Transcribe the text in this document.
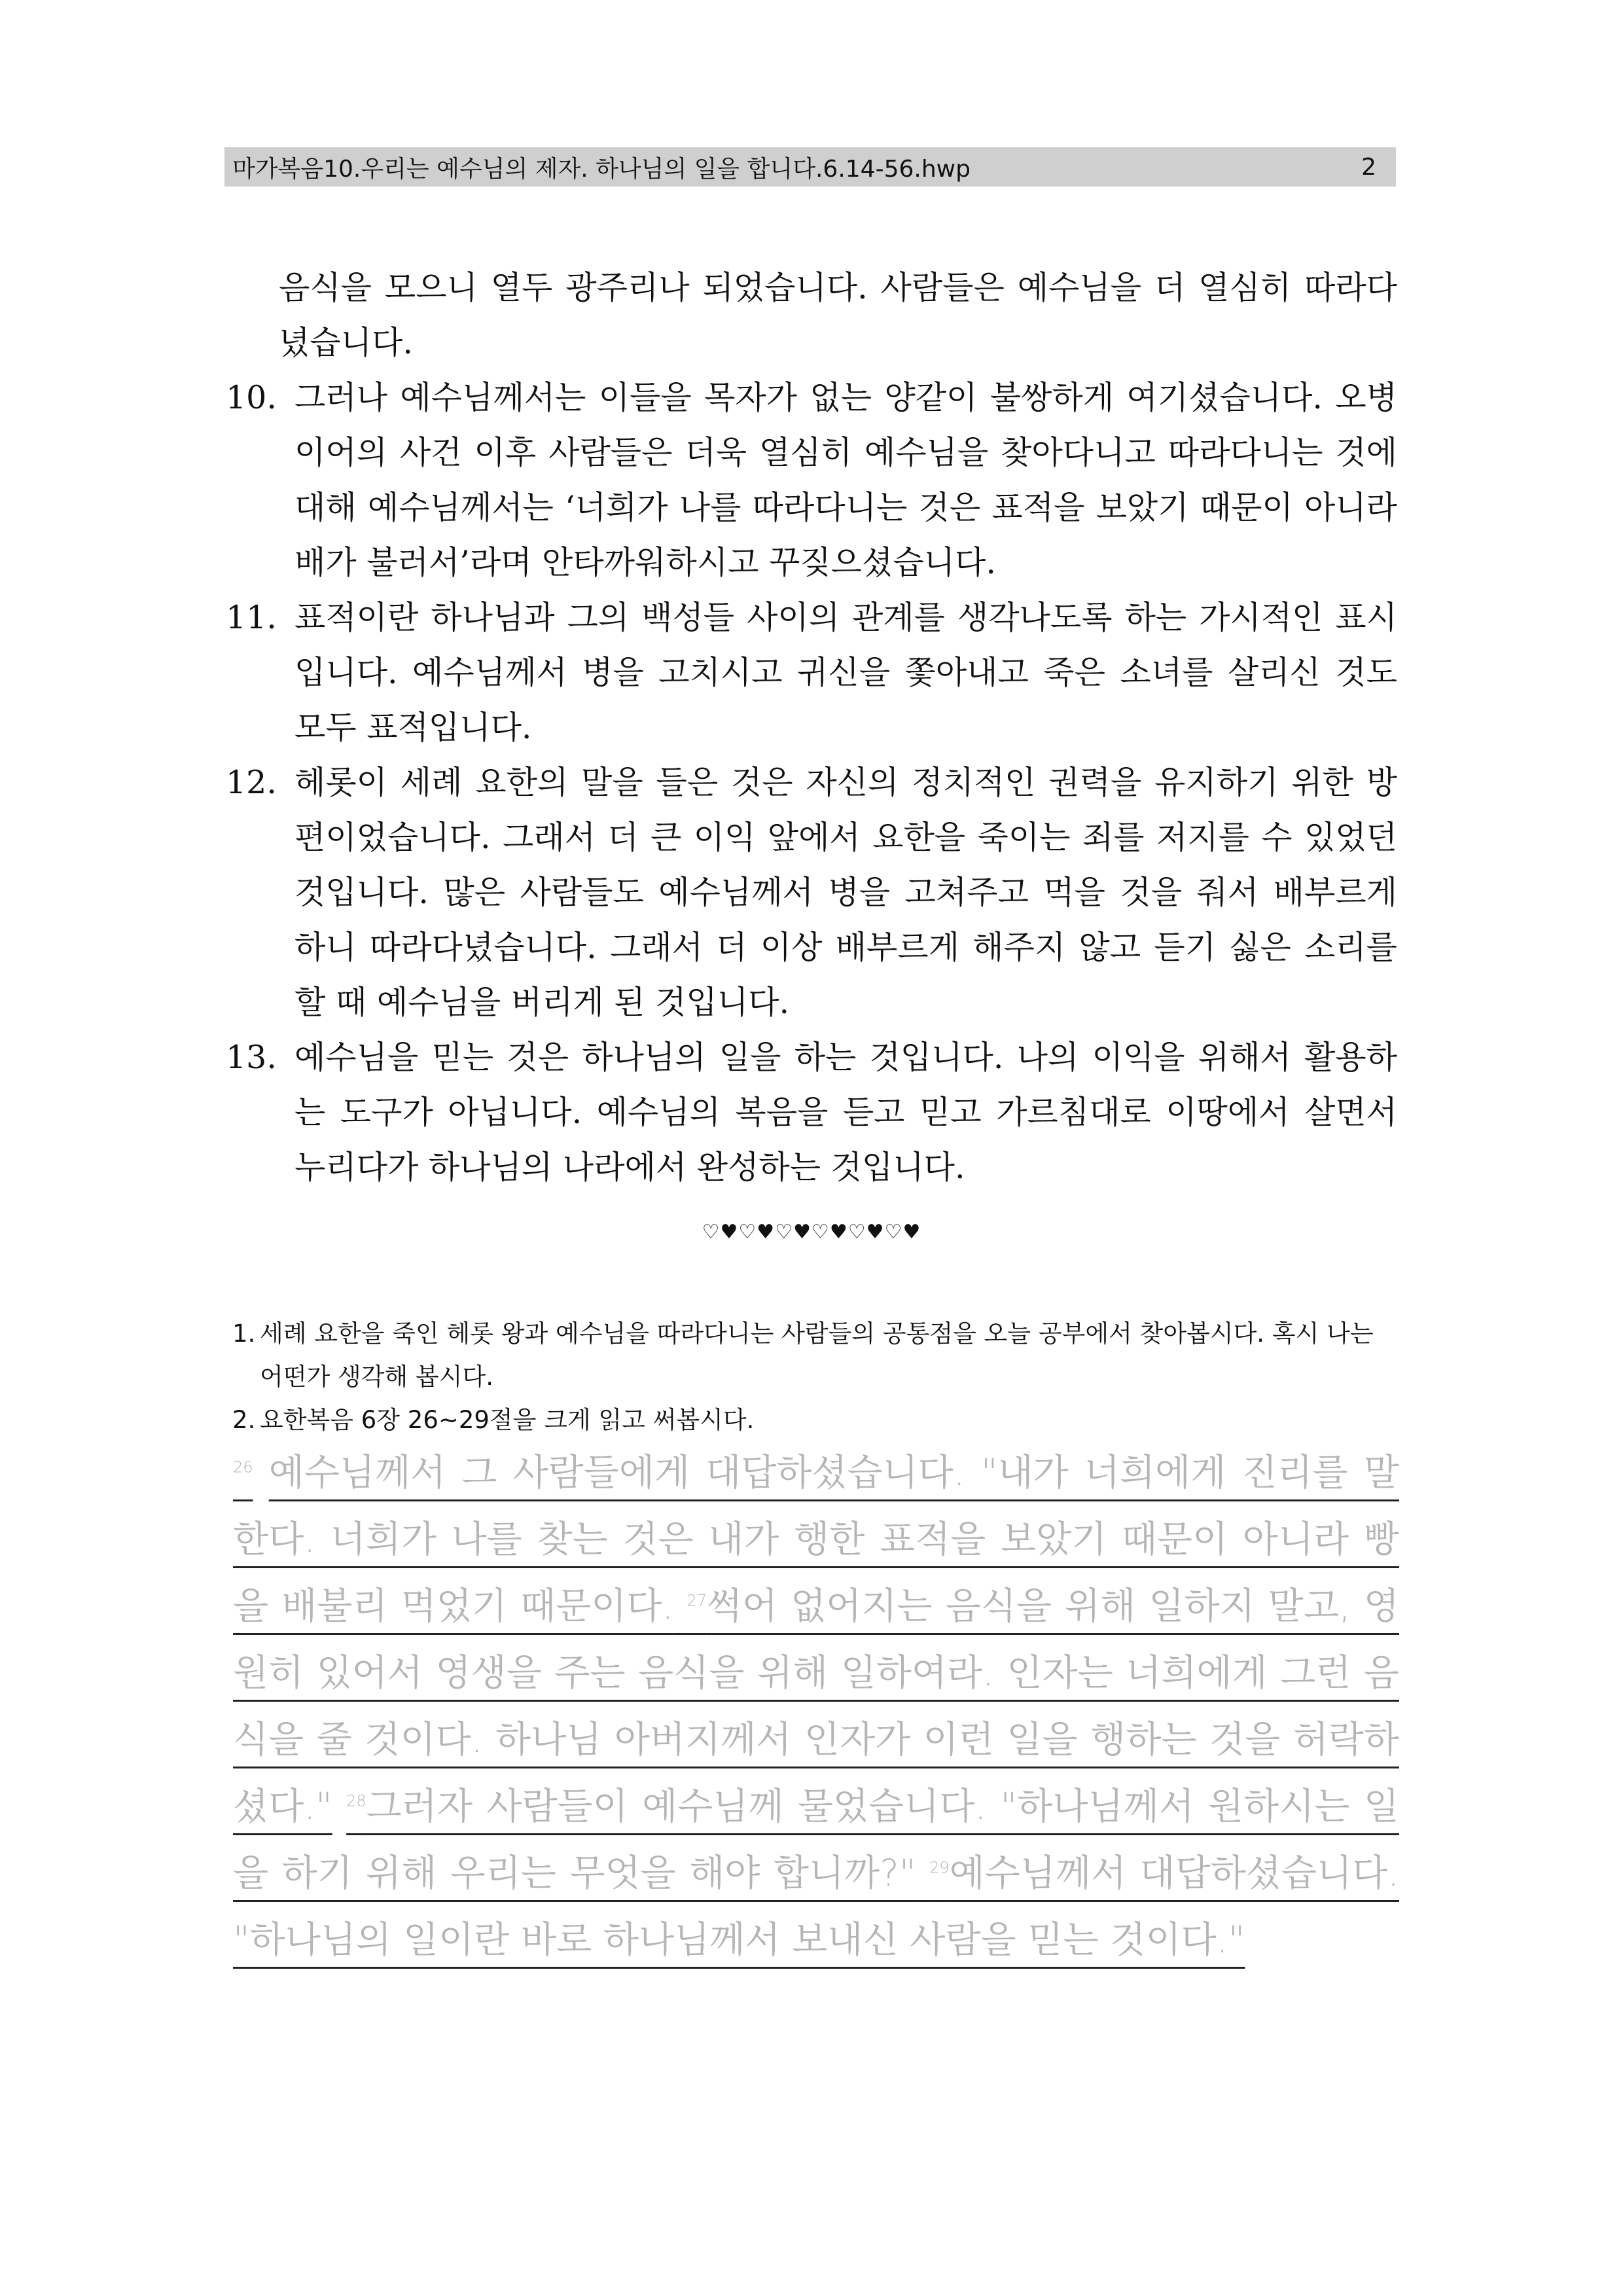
마가복음10.우리는 예수님의 제자. 하나님의 일을 합니다.6.14-56.hwp	2
음식을 모으니 열두 광주리나 되었습니다. 사람들은 예수님을 더 열심히 따라다녔습니다.
10. 그러나 예수님께서는 이들을 목자가 없는 양같이 불쌍하게 여기셨습니다. 오병이어의 사건 이후 사람들은 더욱 열심히 예수님을 찾아다니고 따라다니는 것에 대해 예수님께서는 ‘너희가 나를 따라다니는 것은 표적을 보았기 때문이 아니라 배가 불러서’라며 안타까워하시고 꾸짖으셨습니다.
11. 표적이란 하나님과 그의 백성들 사이의 관계를 생각나도록 하는 가시적인 표시입니다. 예수님께서 병을 고치시고 귀신을 쫓아내고 죽은 소녀를 살리신 것도 모두 표적입니다.
12. 헤롯이 세례 요한의 말을 들은 것은 자신의 정치적인 권력을 유지하기 위한 방편이었습니다. 그래서 더 큰 이익 앞에서 요한을 죽이는 죄를 저지를 수 있었던 것입니다. 많은 사람들도 예수님께서 병을 고쳐주고 먹을 것을 줘서 배부르게 하니 따라다녔습니다. 그래서 더 이상 배부르게 해주지 않고 듣기 싫은 소리를 할 때 예수님을 버리게 된 것입니다.
13. 예수님을 믿는 것은 하나님의 일을 하는 것입니다. 나의 이익을 위해서 활용하는 도구가 아닙니다. 예수님의 복음을 듣고 믿고 가르침대로 이땅에서 살면서 누리다가 하나님의 나라에서 완성하는 것입니다.
♡♥♡♥♡♥♡♥♡♥♡♥
1. 세례 요한을 죽인 헤롯 왕과 예수님을 따라다니는 사람들의 공통점을 오늘 공부에서 찾아봅시다. 혹시 나는 어떤가 생각해 봅시다.
2. 요한복음 6장 26~29절을 크게 읽고 써봅시다.
$^{26}$ 예수님께서 그 사람들에게 대답하셨습니다. "내가 너희에게 진리를 말한다. 너희가 나를 찾는 것은 내가 행한 표적을 보았기 때문이 아니라 빵을 배불리 먹었기 때문이다. $^{27}$썩어 없어지는 음식을 위해 일하지 말고, 영원히 있어서 영생을 주는 음식을 위해 일하여라. 인자는 너희에게 그런 음식을 줄 것이다. 하나님 아버지께서 인자가 이런 일을 행하는 것을 허락하셨다." $^{28}$그러자 사람들이 예수님께 물었습니다. "하나님께서 원하시는 일을 하기 위해 우리는 무엇을 해야 합니까?" $^{29}$예수님께서 대답하셨습니다. "하나님의 일이란 바로 하나님께서 보내신 사람을 믿는 것이다."
